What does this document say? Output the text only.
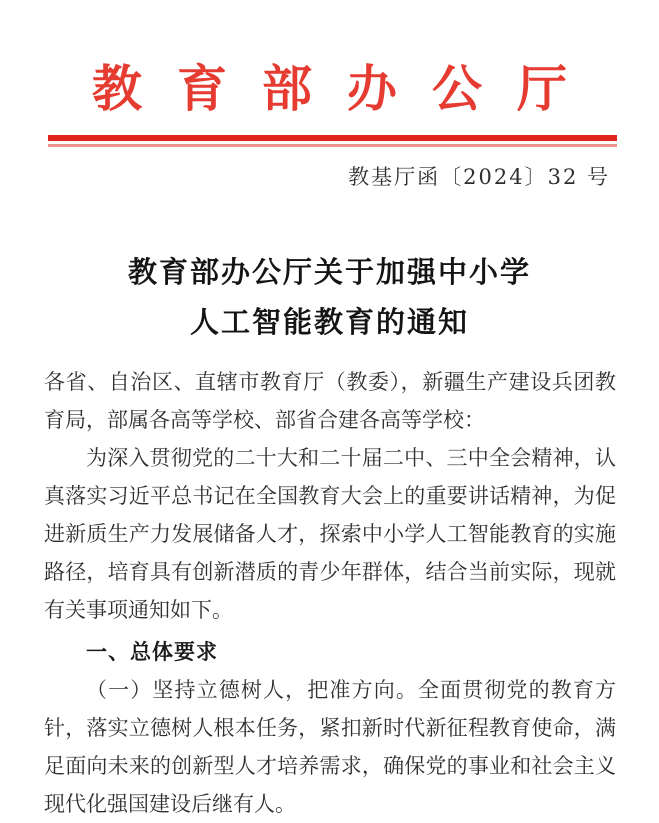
教育部办公厅
教基厅函〔2024〕32 号
教育部办公厅关于加强中小学
人工智能教育的通知

各省、自治区、直辖市教育厅（教委），新疆生产建设兵团教育局，部属各高等学校、部省合建各高等学校：

为深入贯彻党的二十大和二十届二中、三中全会精神，认真落实习近平总书记在全国教育大会上的重要讲话精神，为促进新质生产力发展储备人才，探索中小学人工智能教育的实施路径，培育具有创新潜质的青少年群体，结合当前实际，现就有关事项通知如下。

一、总体要求

（一）坚持立德树人，把准方向。全面贯彻党的教育方针，落实立德树人根本任务，紧扣新时代新征程教育使命，满足面向未来的创新型人才培养需求，确保党的事业和社会主义现代化强国建设后继有人。
